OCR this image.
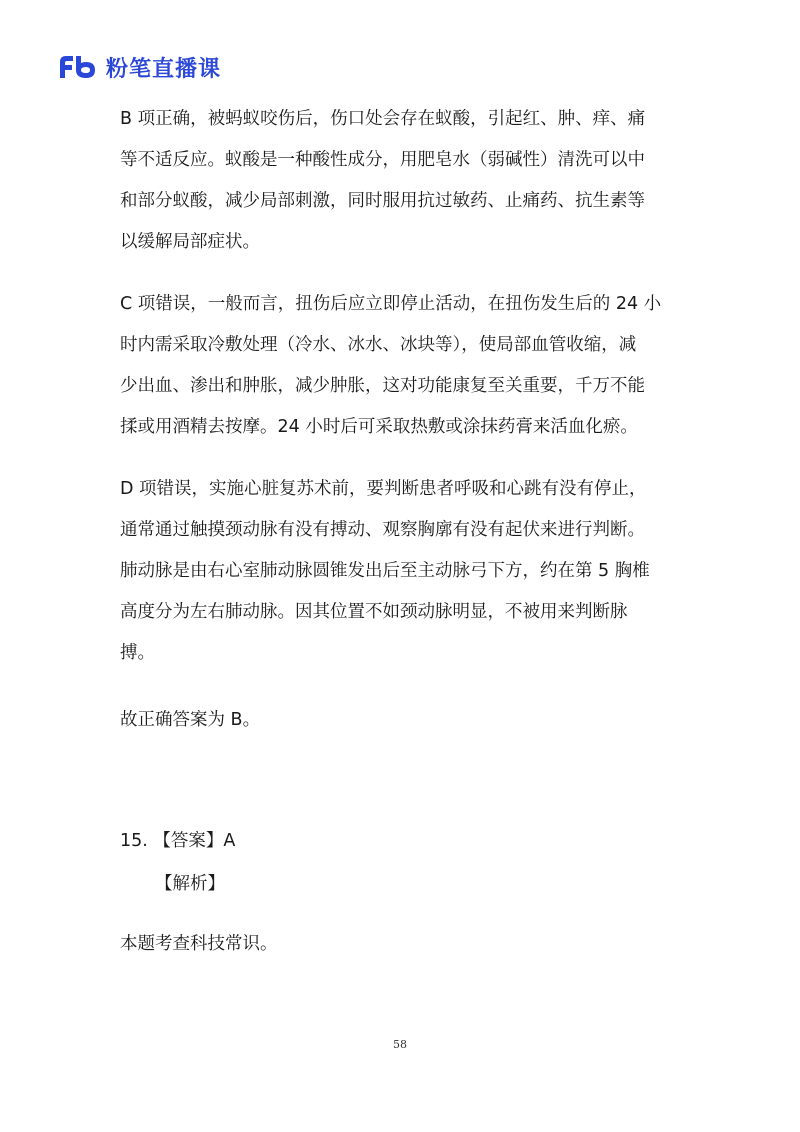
粉笔直播课
B 项正确，被蚂蚁咬伤后，伤口处会存在蚁酸，引起红、肿、痒、痛
等不适反应。蚁酸是一种酸性成分，用肥皂水（弱碱性）清洗可以中
和部分蚁酸，减少局部刺激，同时服用抗过敏药、止痛药、抗生素等
以缓解局部症状。
C 项错误，一般而言，扭伤后应立即停止活动，在扭伤发生后的 24 小
时内需采取冷敷处理（冷水、冰水、冰块等），使局部血管收缩，减
少出血、渗出和肿胀，减少肿胀，这对功能康复至关重要，千万不能
揉或用酒精去按摩。24 小时后可采取热敷或涂抹药膏来活血化瘀。
D 项错误，实施心脏复苏术前，要判断患者呼吸和心跳有没有停止，
通常通过触摸颈动脉有没有搏动、观察胸廓有没有起伏来进行判断。
肺动脉是由右心室肺动脉圆锥发出后至主动脉弓下方，约在第 5 胸椎
高度分为左右肺动脉。因其位置不如颈动脉明显，不被用来判断脉
搏。

故正确答案为 B。

15. 【答案】A

【解析】

本题考查科技常识。

58
